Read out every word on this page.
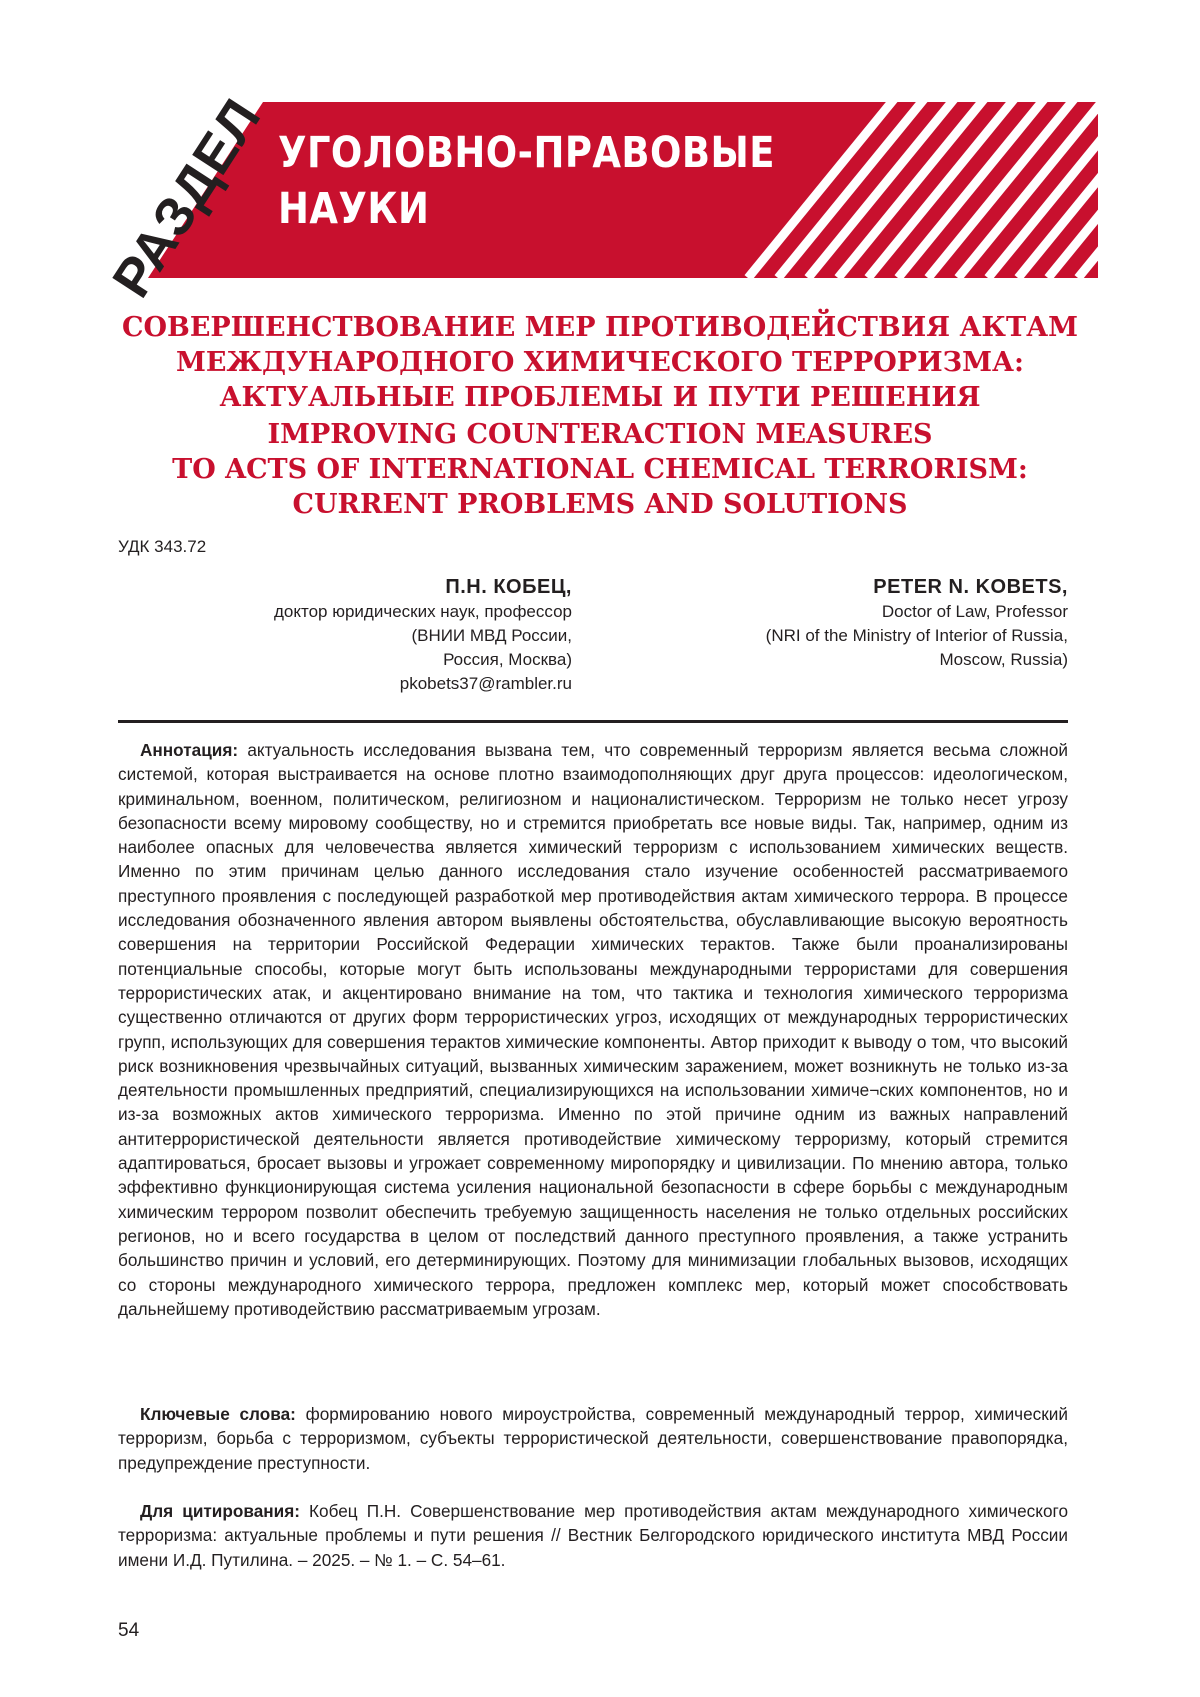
РАЗДЕЛ УГОЛОВНО-ПРАВОВЫЕ
НАУКИ
СОВЕРШЕНСТВОВАНИЕ МЕР ПРОТИВОДЕЙСТВИЯ АКТАМ
МЕЖДУНАРОДНОГО ХИМИЧЕСКОГО ТЕРРОРИЗМА:
АКТУАЛЬНЫЕ ПРОБЛЕМЫ И ПУТИ РЕШЕНИЯ
IMPROVING COUNTERACTION MEASURES
TO ACTS OF INTERNATIONAL CHEMICAL TERRORISM:
CURRENT PROBLEMS AND SOLUTIONS
УДК 343.72
П.Н. КОБЕЦ,
доктор юридических наук, профессор
(ВНИИ МВД России,
Россия, Москва)
pkobets37@rambler.ru
PETER N. KOBETS,
Doctor of Law, Professor
(NRI of the Ministry of Interior of Russia,
Moscow, Russia)

Аннотация: актуальность исследования вызвана тем, что современный терроризм является весьма сложной системой, которая выстраивается на основе плотно взаимодополняющих друг друга процессов: идеологическом, криминальном, военном, политическом, религиозном и националистическом. Терроризм не только несет угрозу безопасности всему мировому сообществу, но и стремится приобретать все новые виды. Так, например, одним из наиболее опасных для человечества является химический терроризм с использованием химических веществ. Именно по этим причинам целью данного исследования стало изучение особенностей рассматриваемого преступного проявления с последующей разработкой мер противодействия актам химического террора. В процессе исследования обозначенного явления автором выявлены обстоятельства, обуславливающие высокую вероятность совершения на территории Российской Федерации химических терактов. Также были проанализированы потенциальные способы, которые могут быть использованы международными террористами для совершения террористических атак, и акцентировано внимание на том, что тактика и технология химического терроризма существенно отличаются от других форм террористических угроз, исходящих от международных террористических групп, использующих для совершения терактов химические компоненты. Автор приходит к выводу о том, что высокий риск возникновения чрезвычайных ситуаций, вызванных химическим заражением, может возникнуть не только из-за деятельности промышленных предприятий, специализирующихся на использовании химиче¬ских компонентов, но и из-за возможных актов химического терроризма. Именно по этой причине одним из важных направлений антитеррористической деятельности является противодействие химическому терроризму, который стремится адаптироваться, бросает вызовы и угрожает современному миропорядку и цивилизации. По мнению автора, только эффективно функционирующая система усиления национальной безопасности в сфере борьбы с международным химическим террором позволит обеспечить требуемую защищенность населения не только отдельных российских регионов, но и всего государства в целом от последствий данного преступного проявления, а также устранить большинство причин и условий, его детерминирующих. Поэтому для минимизации глобальных вызовов, исходящих со стороны международного химического террора, предложен комплекс мер, который может способствовать дальнейшему противодействию рассматриваемым угрозам.

Ключевые слова: формированию нового мироустройства, современный международный террор, химический терроризм, борьба с терроризмом, субъекты террористической деятельности, совершенствование правопорядка, предупреждение преступности.

Для цитирования: Кобец П.Н. Совершенствование мер противодействия актам международного химического терроризма: актуальные проблемы и пути решения // Вестник Белгородского юридического института МВД России имени И.Д. Путилина. – 2025. – № 1. – С. 54–61.

54
